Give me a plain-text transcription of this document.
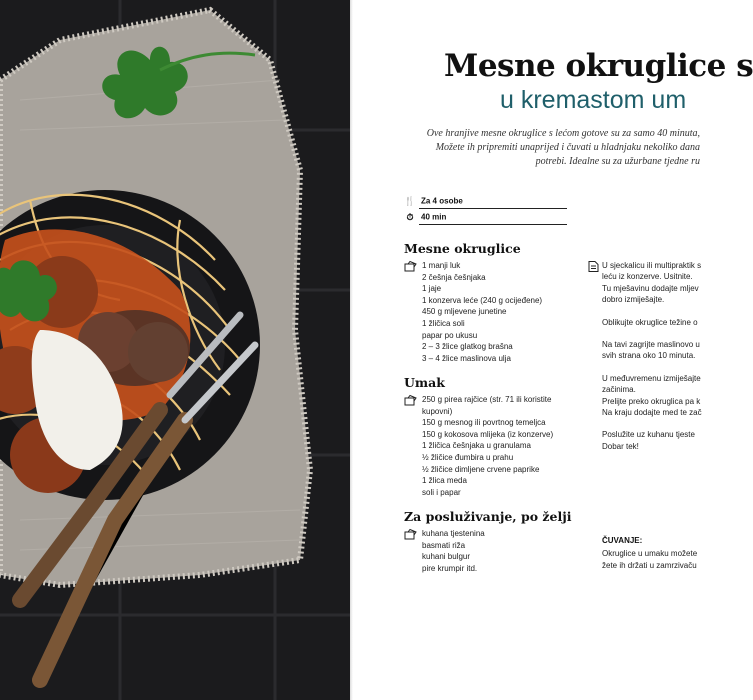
Mesne okruglice s
u kremastom um
Ove hranjive mesne okruglice s lećom gotove su za samo 40 minuta,
Možete ih pripremiti unaprijed i čuvati u hladnjaku nekoliko dana
potrebi. Idealne su za užurbane tjedne ru
🍴 Za 4 osobe
⏱ 40 min
Mesne okruglice
1 manji luk
2 češnja češnjaka
1 jaje
1 konzerva leće (240 g ocijeđene)
450 g mljevene junetine
1 žličica soli
papar po ukusu
2 – 3 žlice glatkog brašna
3 – 4 žlice maslinova ulja
Umak
250 g pirea rajčice (str. 71 ili koristite
kupovni)
150 g mesnog ili povrtnog temeljca
150 g kokosova mlijeka (iz konzerve)
1 žličica češnjaka u granulama
½ žličice đumbira u prahu
½ žličice dimljene crvene paprike
1 žlica meda
soli i papar
Za posluživanje, po želji
kuhana tjestenina
basmati riža
kuhani bulgur
pire krumpir itd.

U sjeckalicu ili multipraktik s
leću iz konzerve. Usitnite.
Tu mješavinu dodajte mljev
dobro izmiješajte.

Oblikujte okruglice težine o

Na tavi zagrijte maslinovo u
svih strana oko 10 minuta.

U međuvremenu izmiješajte
začinima.
Prelijte preko okruglica pa k
Na kraju dodajte med te zač

Poslužite uz kuhanu tjeste
Dobar tek!

ČUVANJE:
Okruglice u umaku možete
žete ih držati u zamrzivaču
